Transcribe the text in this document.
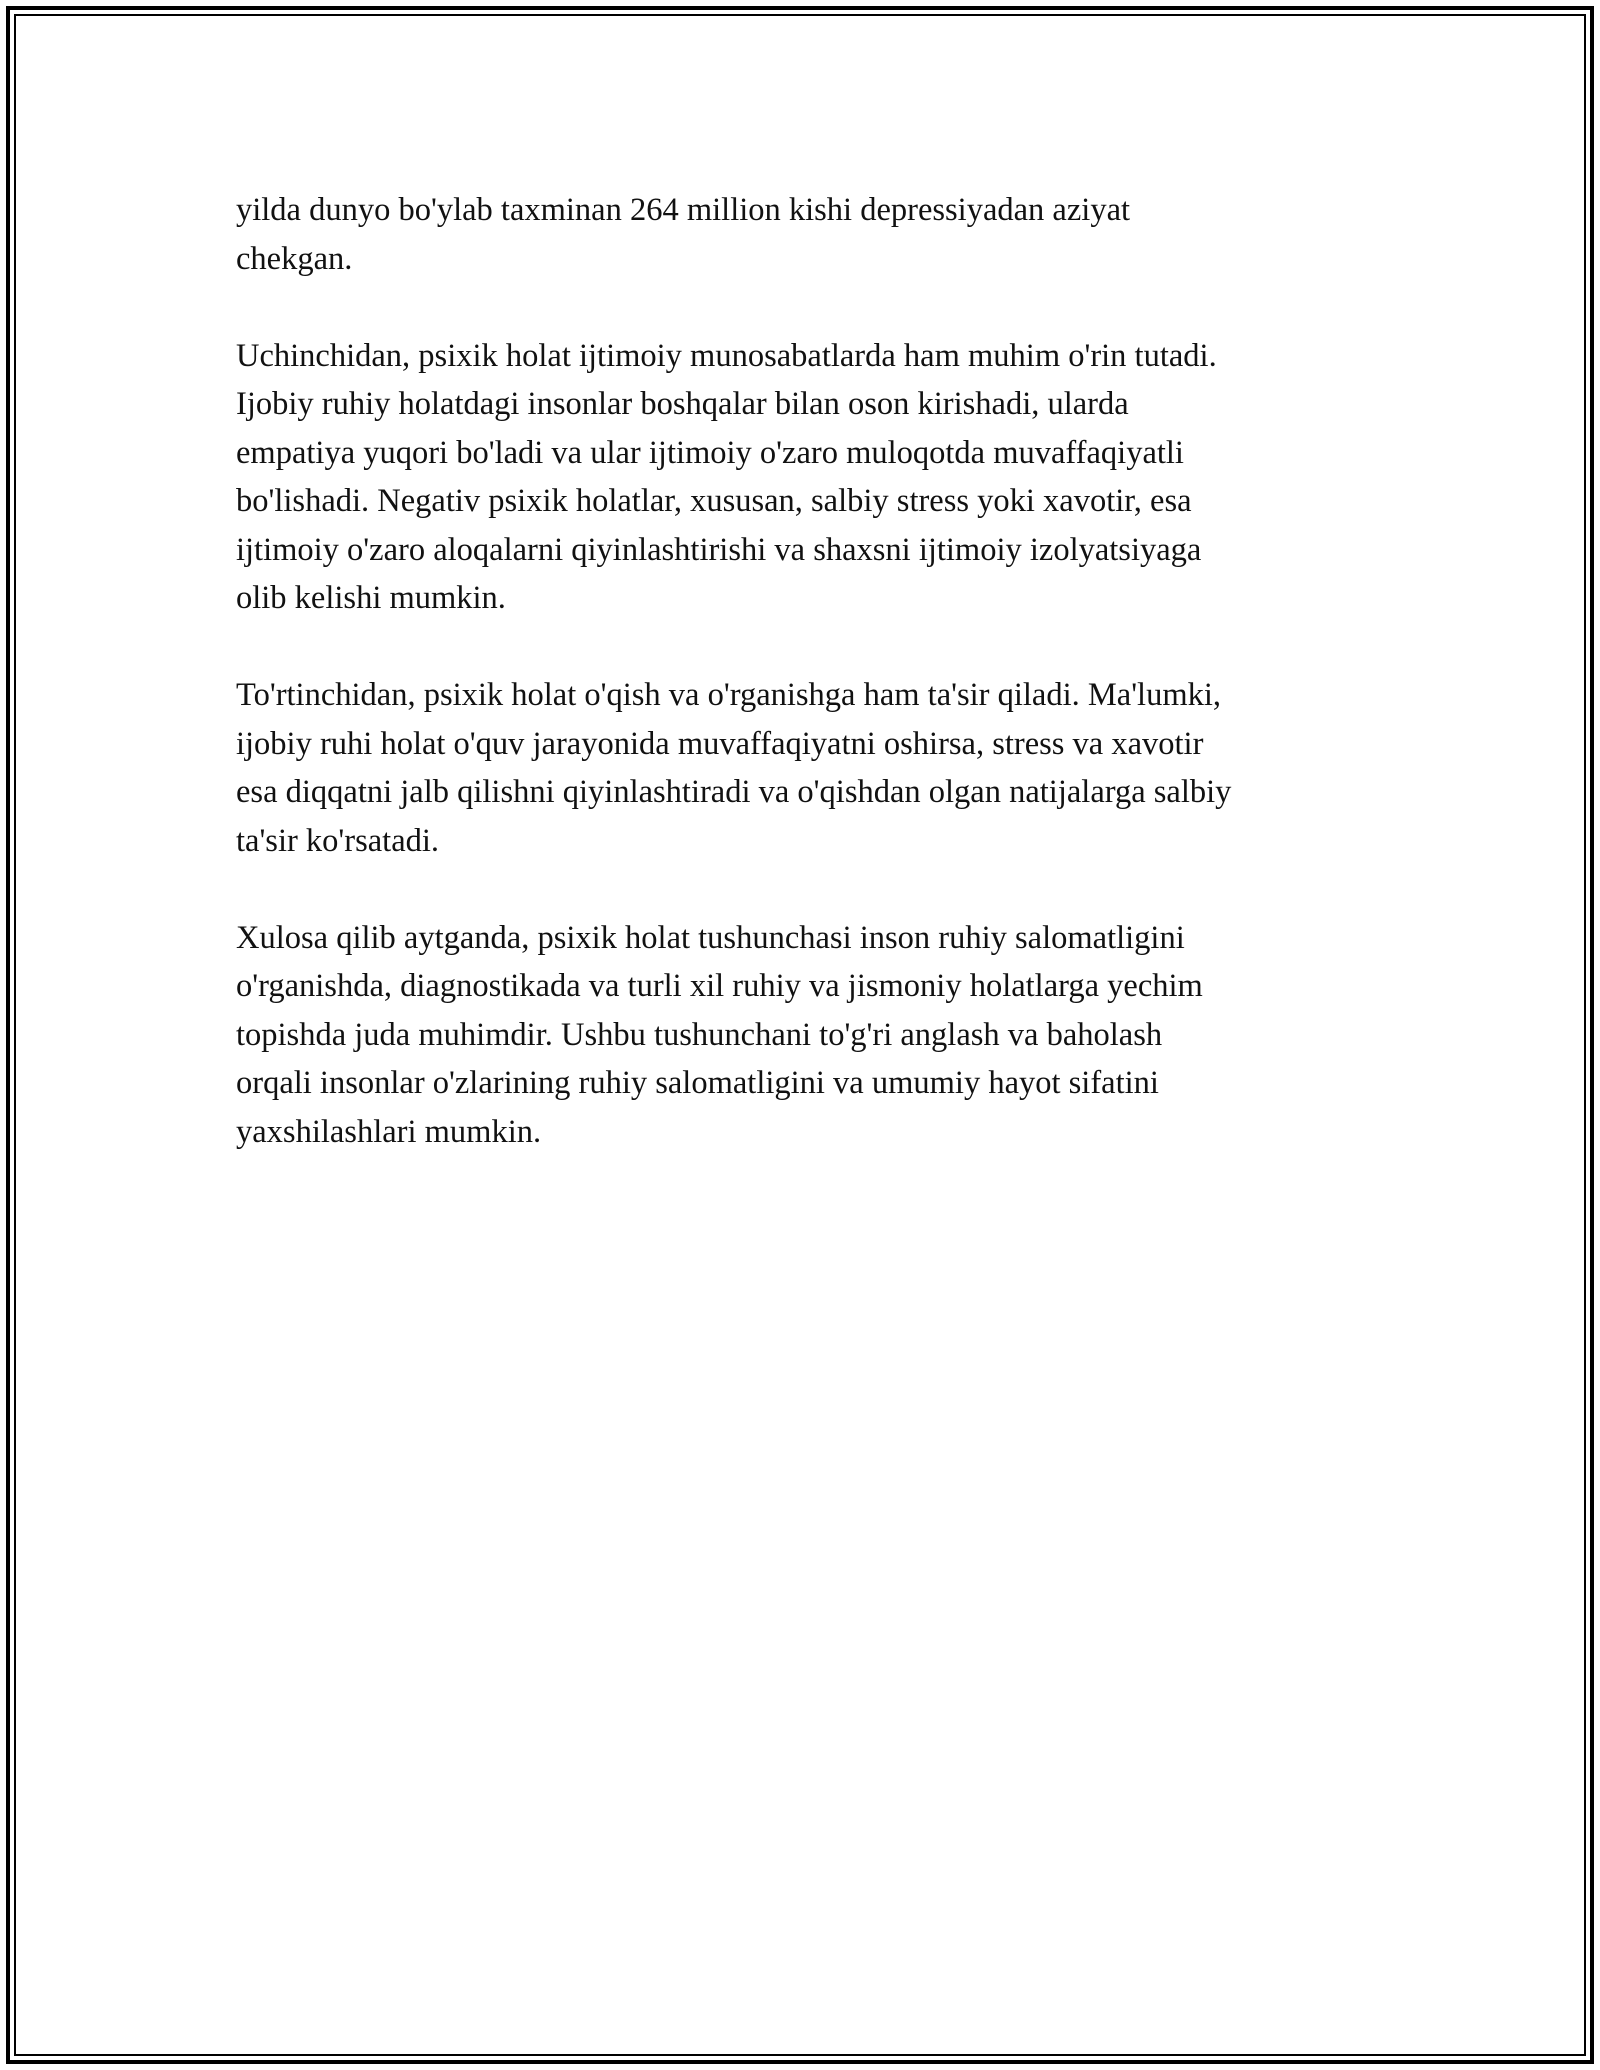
yilda dunyo bo'ylab taxminan 264 million kishi depressiyadan aziyat
chekgan.

Uchinchidan, psixik holat ijtimoiy munosabatlarda ham muhim o'rin tutadi.
Ijobiy ruhiy holatdagi insonlar boshqalar bilan oson kirishadi, ularda
empatiya yuqori bo'ladi va ular ijtimoiy o'zaro muloqotda muvaffaqiyatli
bo'lishadi. Negativ psixik holatlar, xususan, salbiy stress yoki xavotir, esa
ijtimoiy o'zaro aloqalarni qiyinlashtirishi va shaxsni ijtimoiy izolyatsiyaga
olib kelishi mumkin.

To'rtinchidan, psixik holat o'qish va o'rganishga ham ta'sir qiladi. Ma'lumki,
ijobiy ruhi holat o'quv jarayonida muvaffaqiyatni oshirsa, stress va xavotir
esa diqqatni jalb qilishni qiyinlashtiradi va o'qishdan olgan natijalarga salbiy
ta'sir ko'rsatadi.

Xulosa qilib aytganda, psixik holat tushunchasi inson ruhiy salomatligini
o'rganishda, diagnostikada va turli xil ruhiy va jismoniy holatlarga yechim
topishda juda muhimdir. Ushbu tushunchani to'g'ri anglash va baholash
orqali insonlar o'zlarining ruhiy salomatligini va umumiy hayot sifatini
yaxshilashlari mumkin.
